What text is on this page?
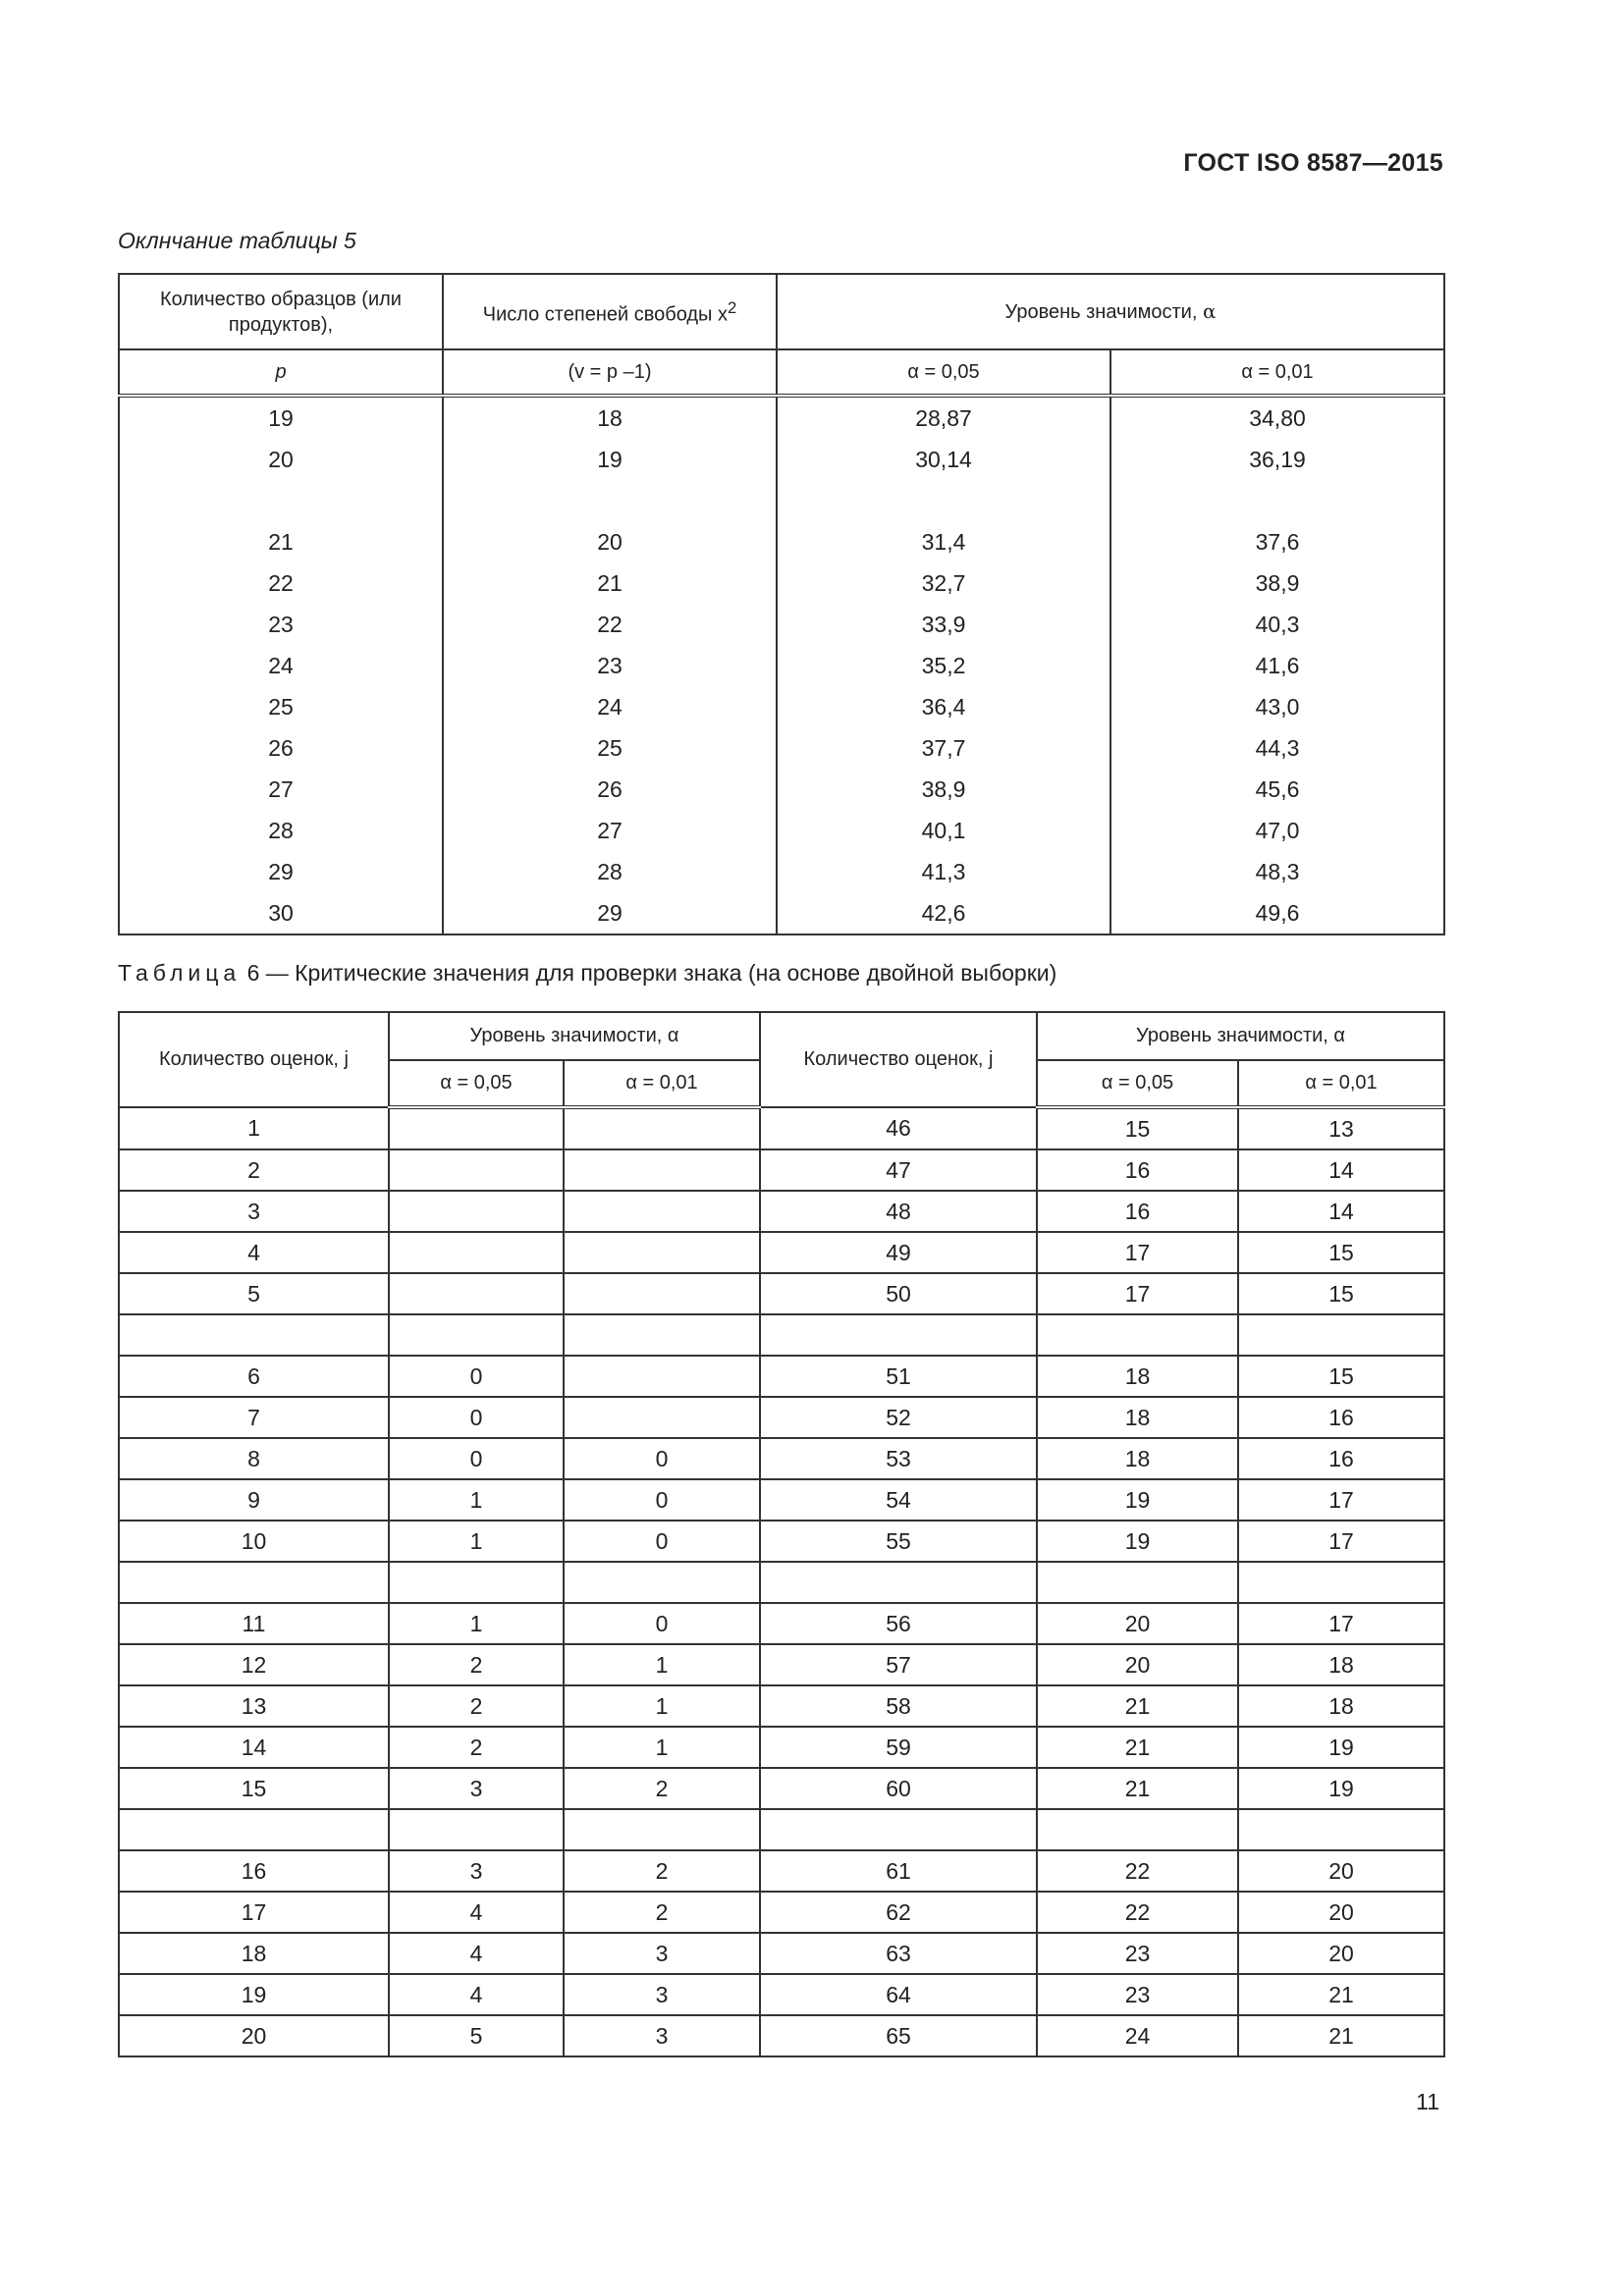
ГОСТ ISO 8587—2015
Оклнчание таблицы 5
Количество образцов (или продуктов),	Число степеней свободы $x^2$	Уровень значимости, α	
p	(v = p –1)	α = 0,05	α = 0,01
19	18	28,87	34,80
20	19	30,14	36,19

21	20	31,4	37,6
22	21	32,7	38,9
23	22	33,9	40,3
24	23	35,2	41,6
25	24	36,4	43,0
26	25	37,7	44,3
27	26	38,9	45,6
28	27	40,1	47,0
29	28	41,3	48,3
30	29	42,6	49,6
Таблица 6 — Критические значения для проверки знака (на основе двойной выборки)
Количество оценок, j	Уровень значимости, α		Количество оценок, j	Уровень значимости, α	
	α = 0,05	α = 0,01		α = 0,05	α = 0,01
1			46	15	13
2			47	16	14
3			48	16	14
4			49	17	15
5			50	17	15

6	0		51	18	15
7	0		52	18	16
8	0	0	53	18	16
9	1	0	54	19	17
10	1	0	55	19	17

11	1	0	56	20	17
12	2	1	57	20	18
13	2	1	58	21	18
14	2	1	59	21	19
15	3	2	60	21	19

16	3	2	61	22	20
17	4	2	62	22	20
18	4	3	63	23	20
19	4	3	64	23	21
20	5	3	65	24	21
11
